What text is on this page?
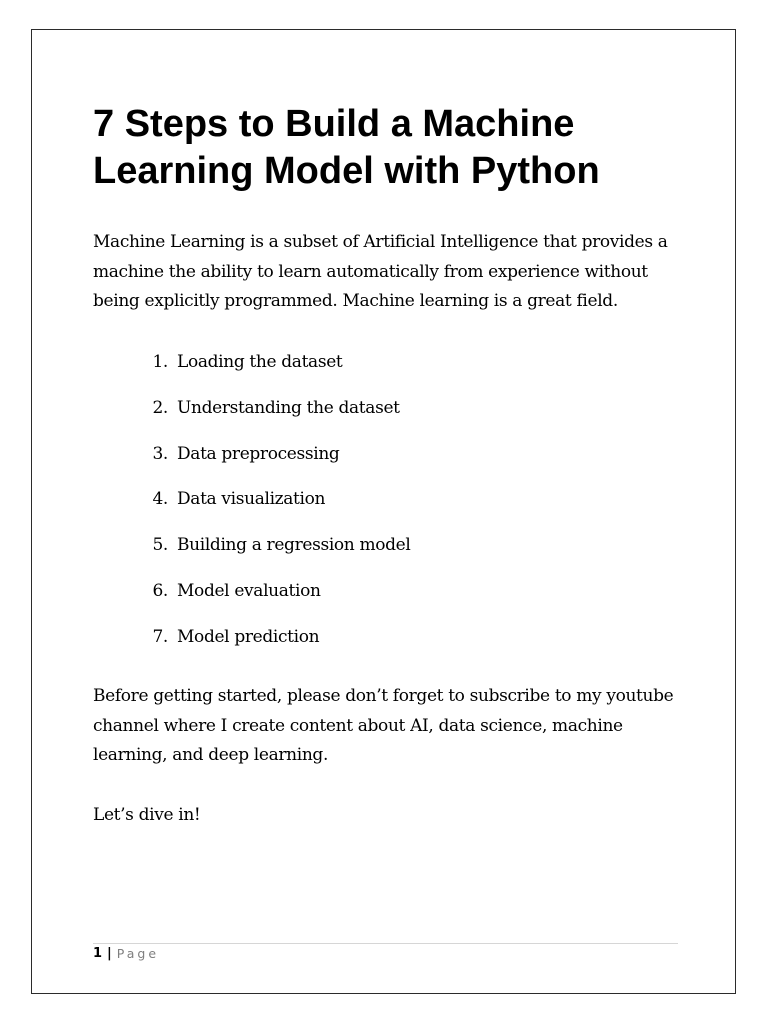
7 Steps to Build a Machine Learning Model with Python

Machine Learning is a subset of Artificial Intelligence that provides a machine the ability to learn automatically from experience without being explicitly programmed. Machine learning is a great field.

1. Loading the dataset
2. Understanding the dataset
3. Data preprocessing
4. Data visualization
5. Building a regression model
6. Model evaluation
7. Model prediction

Before getting started, please don’t forget to subscribe to my youtube channel where I create content about AI, data science, machine learning, and deep learning.

Let’s dive in!

1 | Page
